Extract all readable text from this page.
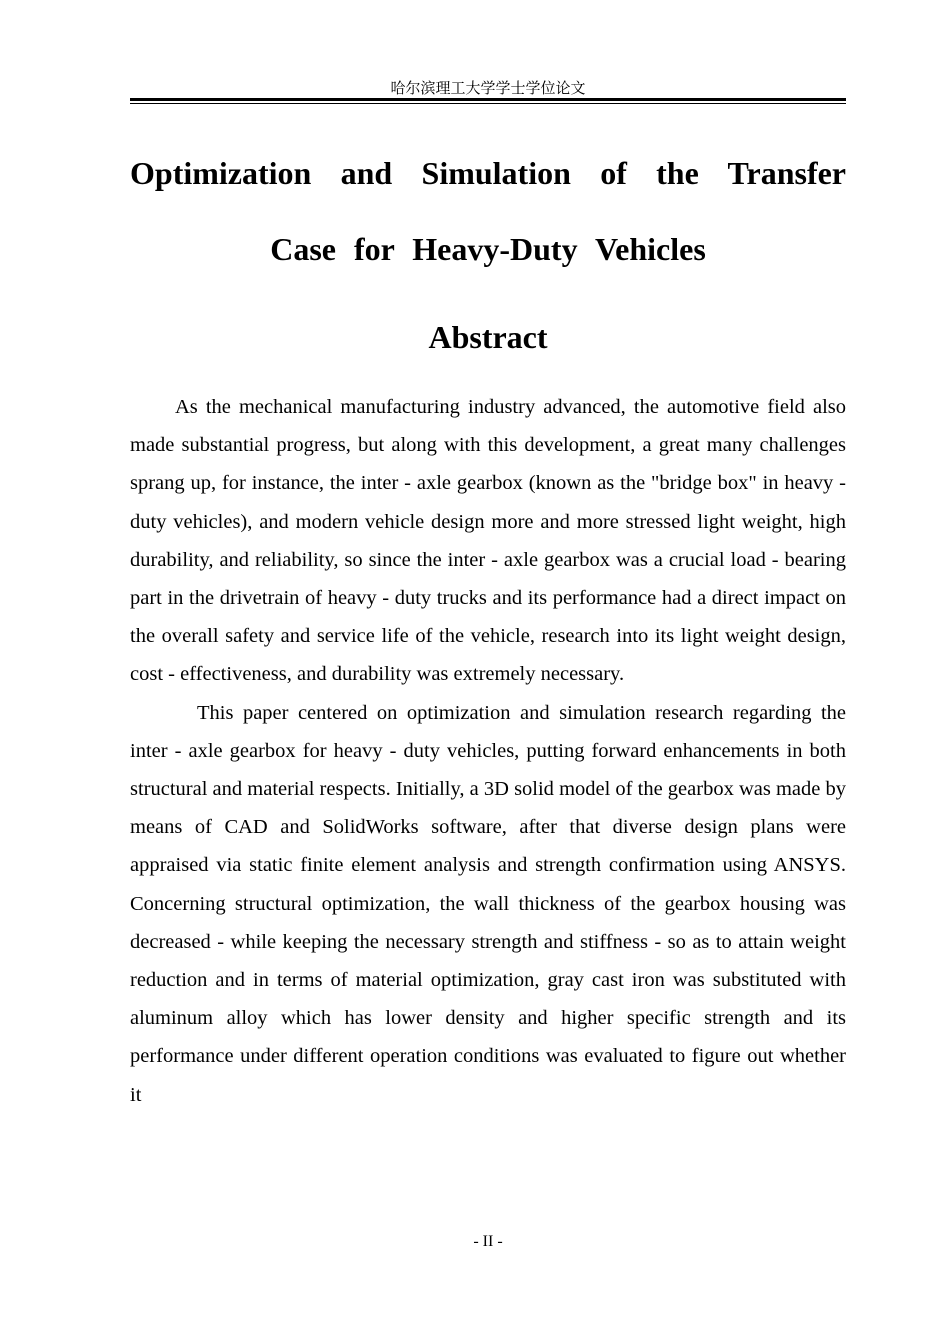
哈尔滨理工大学学士学位论文
Optimization and Simulation of the Transfer
Case for Heavy-Duty Vehicles
Abstract

As the mechanical manufacturing industry advanced, the automotive field also made substantial progress, but along with this development, a great many challenges sprang up, for instance, the inter - axle gearbox (known as the "bridge box" in heavy - duty vehicles), and modern vehicle design more and more stressed light weight, high durability, and reliability, so since the inter - axle gearbox was a crucial load - bearing part in the drivetrain of heavy - duty trucks and its performance had a direct impact on the overall safety and service life of the vehicle, research into its light weight design, cost - effectiveness, and durability was extremely necessary.

This paper centered on optimization and simulation research regarding the inter - axle gearbox for heavy - duty vehicles, putting forward enhancements in both structural and material respects. Initially, a 3D solid model of the gearbox was made by means of CAD and SolidWorks software, after that diverse design plans were appraised via static finite element analysis and strength confirmation using ANSYS. Concerning structural optimization, the wall thickness of the gearbox housing was decreased - while keeping the necessary strength and stiffness - so as to attain weight reduction and in terms of material optimization, gray cast iron was substituted with aluminum alloy which has lower density and higher specific strength and its performance under different operation conditions was evaluated to figure out whether it

- II -
